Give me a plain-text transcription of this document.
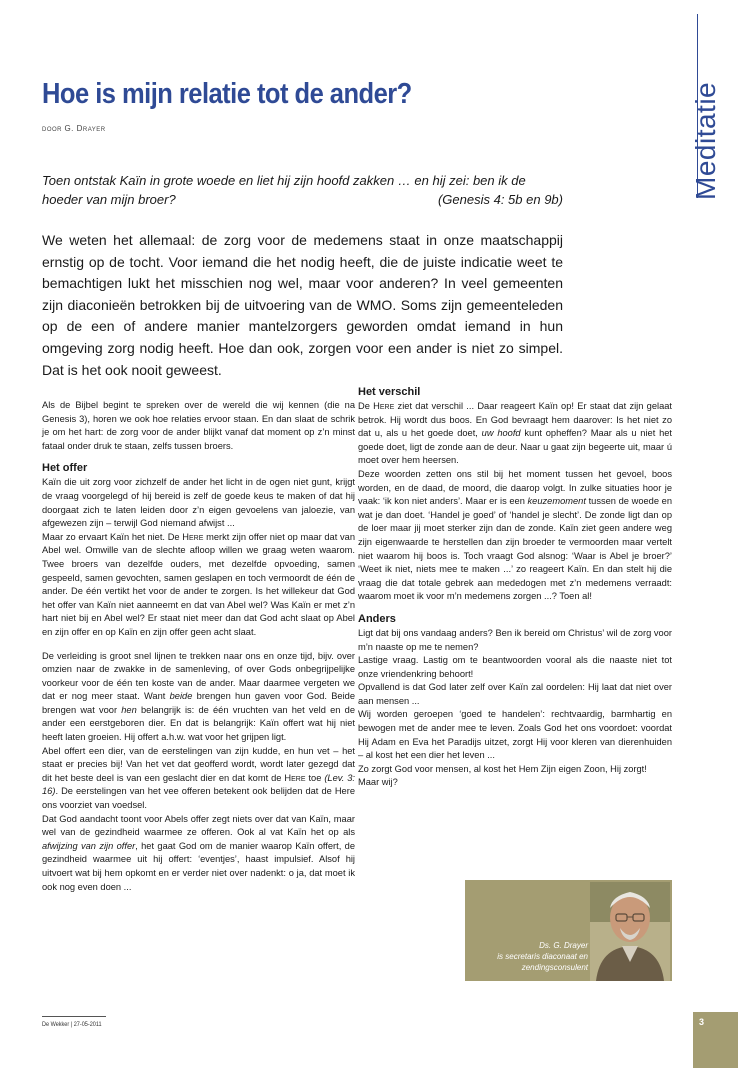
Meditatie
Hoe is mijn relatie tot de ander?
DOOR G. Drayer
Toen ontstak Kaïn in grote woede en liet hij zijn hoofd zakken … en hij zei: ben ik de hoeder van mijn broer?	(Genesis 4: 5b en 9b)
We weten het allemaal: de zorg voor de medemens staat in onze maatschappij ernstig op de tocht. Voor iemand die het nodig heeft, die de juiste indicatie weet te bemachtigen lukt het misschien nog wel, maar voor anderen? In veel gemeenten zijn diaconieën betrokken bij de uitvoering van de WMO. Soms zijn gemeenteleden op de een of andere manier mantelzorgers geworden omdat iemand in hun omgeving zorg nodig heeft. Hoe dan ook, zorgen voor een ander is niet zo simpel. Dat is het ook nooit geweest.

Als de Bijbel begint te spreken over de wereld die wij kennen (die na Genesis 3), horen we ook hoe relaties ervoor staan. En dan slaat de schrik je om het hart: de zorg voor de ander blijkt vanaf dat moment op z’n minst fataal onder druk te staan, zelfs tussen broers.

Het offer

Kaïn die uit zorg voor zichzelf de ander het licht in de ogen niet gunt, krijgt de vraag voorgelegd of hij bereid is zelf de goede keus te maken of dat hij doorgaat zich te laten leiden door z’n eigen gevoelens van jaloezie, van afgewezen zijn – terwijl God niemand afwijst ...

Maar zo ervaart Kaïn het niet. De Here merkt zijn offer niet op maar dat van Abel wel. Omwille van de slechte afloop willen we graag weten waarom. Twee broers van dezelfde ouders, met dezelfde opvoeding, samen gespeeld, samen gevochten, samen geslapen en toch vermoordt de één de ander. De één vertikt het voor de ander te zorgen. Is het willekeur dat God het offer van Kaïn niet aanneemt en dat van Abel wel? Was Kaïn er met z’n hart niet bij en Abel wel? Er staat niet meer dan dat God acht slaat op Abel en zijn offer en op Kaïn en zijn offer geen acht slaat.

De verleiding is groot snel lijnen te trekken naar ons en onze tijd, bijv. over omzien naar de zwakke in de samenleving, of over Gods onbegrijpelijke voorkeur voor de één ten koste van de ander. Maar daarmee vergeten we dat er nog meer staat. Want beide brengen hun gaven voor God. Beide brengen wat voor hen belangrijk is: de één vruchten van het veld en de ander een eerstgeboren dier. En dat is belangrijk: Kaïn offert wat hij niet heeft laten groeien. Hij offert a.h.w. wat voor het grijpen ligt.

Abel offert een dier, van de eerstelingen van zijn kudde, en hun vet – het staat er precies bij! Van het vet dat geofferd wordt, wordt later gezegd dat dit het beste deel is van een geslacht dier en dat komt de Here toe (Lev. 3: 16). De eerstelingen van het vee offeren betekent ook belijden dat de Here ons voorziet van voedsel.

Dat God aandacht toont voor Abels offer zegt niets over dat van Kaïn, maar wel van de gezindheid waarmee ze offeren. Ook al vat Kaïn het op als afwijzing van zijn offer, het gaat God om de manier waarop Kaïn offert, de gezindheid waarmee uit hij offert: ‘eventjes’, haast impulsief. Alsof hij uitvoert wat bij hem opkomt en er verder niet over nadenkt: o ja, dat moet ik ook nog even doen ...

Het verschil

De Here ziet dat verschil ... Daar reageert Kaïn op! Er staat dat zijn gelaat betrok. Hij wordt dus boos. En God bevraagt hem daarover: Is het niet zo dat u, als u het goede doet, uw hoofd kunt opheffen? Maar als u niet het goede doet, ligt de zonde aan de deur. Naar u gaat zijn begeerte uit, maar ú moet over hem heersen.

Deze woorden zetten ons stil bij het moment tussen het gevoel, boos worden, en de daad, de moord, die daarop volgt. In zulke situaties hoor je vaak: ‘ik kon niet anders’. Maar er is een keuzemoment tussen de woede en wat je dan doet. ‘Handel je goed’ of ‘handel je slecht’. De zonde ligt dan op de loer maar jij moet sterker zijn dan de zonde. Kaïn ziet geen andere weg zijn eigenwaarde te herstellen dan zijn broeder te vermoorden maar vertelt niet waarom hij boos is. Toch vraagt God alsnog: ‘Waar is Abel je broer?’ ‘Weet ik niet, niets mee te maken ...’ zo reageert Kaïn. En dan stelt hij die vraag die dat totale gebrek aan mededogen met z’n medemens verraadt: waarom moet ik voor m’n medemens zorgen ...? Toen al!

Anders

Ligt dat bij ons vandaag anders? Ben ik bereid om Christus’ wil de zorg voor m’n naaste op me te nemen?

Lastige vraag. Lastig om te beantwoorden vooral als die naaste niet tot onze vriendenkring behoort!

Opvallend is dat God later zelf over Kaïn zal oordelen: Hij laat dat niet over aan mensen ...

Wij worden geroepen ‘goed te handelen’: rechtvaardig, barmhartig en bewogen met de ander mee te leven. Zoals God het ons voordoet: voordat Hij Adam en Eva het Paradijs uitzet, zorgt Hij voor kleren van dierenhuiden – al kost het een dier het leven ...

Zo zorgt God voor mensen, al kost het Hem Zijn eigen Zoon, Hij zorgt!

Maar wij?

Ds. G. Drayer
is secretaris diaconaat en
zendingsconsulent
De Wekker | 27-05-2011	3
